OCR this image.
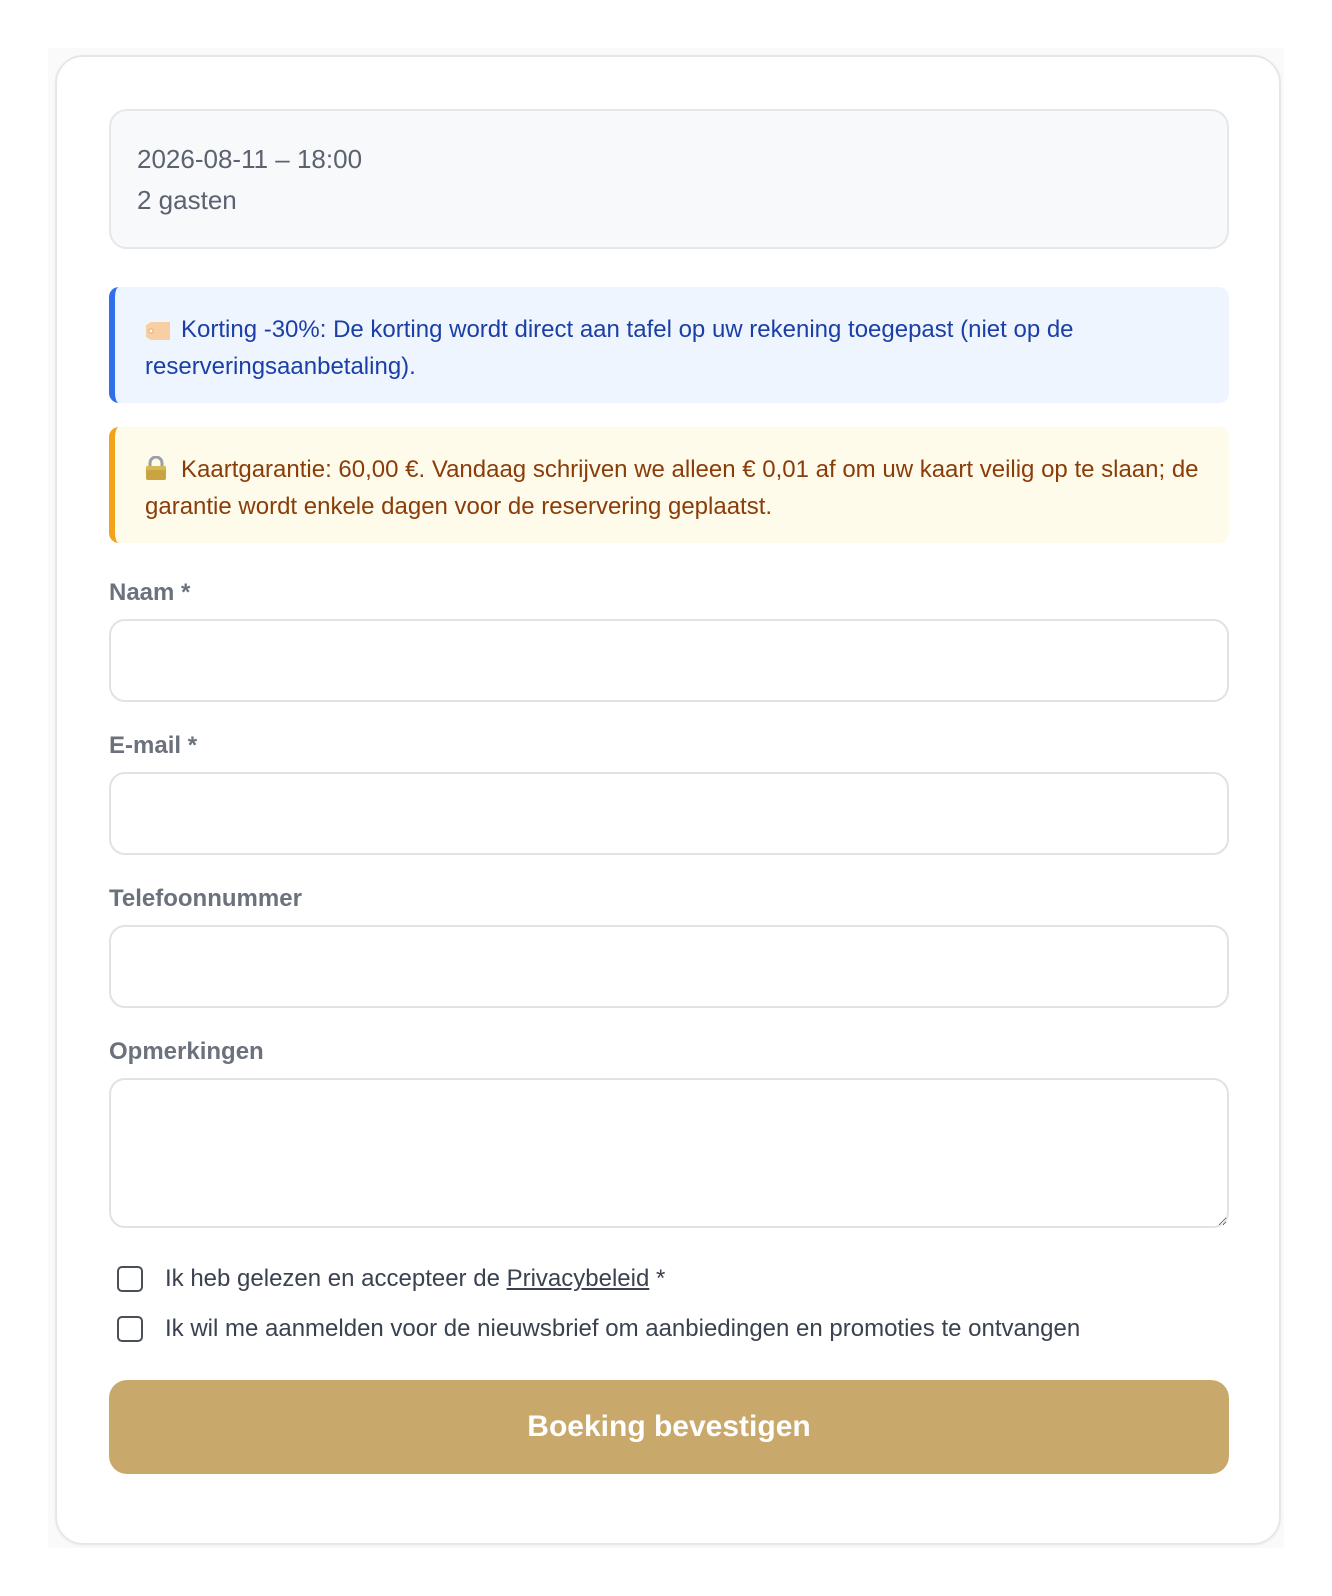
2026-08-11 – 18:00
2 gasten
Korting -30%: De korting wordt direct aan tafel op uw rekening toegepast (niet op de reserveringsaanbetaling).
Kaartgarantie: 60,00 €. Vandaag schrijven we alleen € 0,01 af om uw kaart veilig op te slaan; de garantie wordt enkele dagen voor de reservering geplaatst.
Naam *
E-mail *
Telefoonnummer
Opmerkingen
Ik heb gelezen en accepteer de Privacybeleid *
Ik wil me aanmelden voor de nieuwsbrief om aanbiedingen en promoties te ontvangen
Boeking bevestigen
